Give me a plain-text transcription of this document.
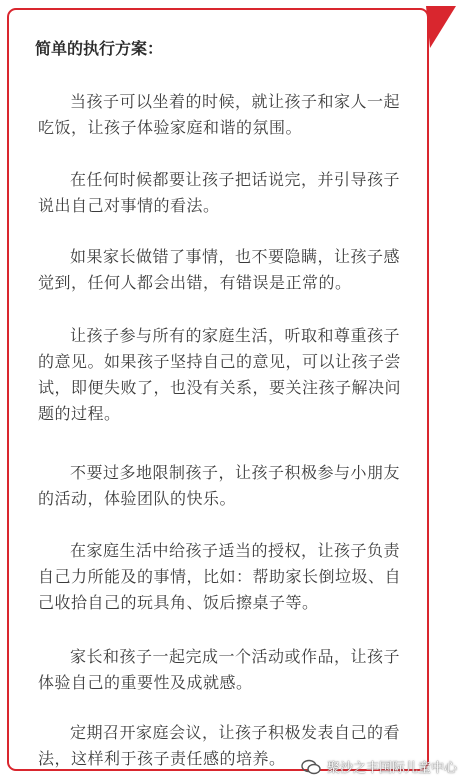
简单的执行方案：

当孩子可以坐着的时候，就让孩子和家人一起吃饭，让孩子体验家庭和谐的氛围。

在任何时候都要让孩子把话说完，并引导孩子说出自己对事情的看法。

如果家长做错了事情，也不要隐瞒，让孩子感觉到，任何人都会出错，有错误是正常的。

让孩子参与所有的家庭生活，听取和尊重孩子的意见。如果孩子坚持自己的意见，可以让孩子尝试，即便失败了，也没有关系，要关注孩子解决问题的过程。

不要过多地限制孩子，让孩子积极参与小朋友的活动，体验团队的快乐。

在家庭生活中给孩子适当的授权，让孩子负责自己力所能及的事情，比如：帮助家长倒垃圾、自己收拾自己的玩具角、饭后擦桌子等。

家长和孩子一起完成一个活动或作品，让孩子体验自己的重要性及成就感。

定期召开家庭会议，让孩子积极发表自己的看法，这样利于孩子责任感的培养。

聚沙之丰国际儿童中心
